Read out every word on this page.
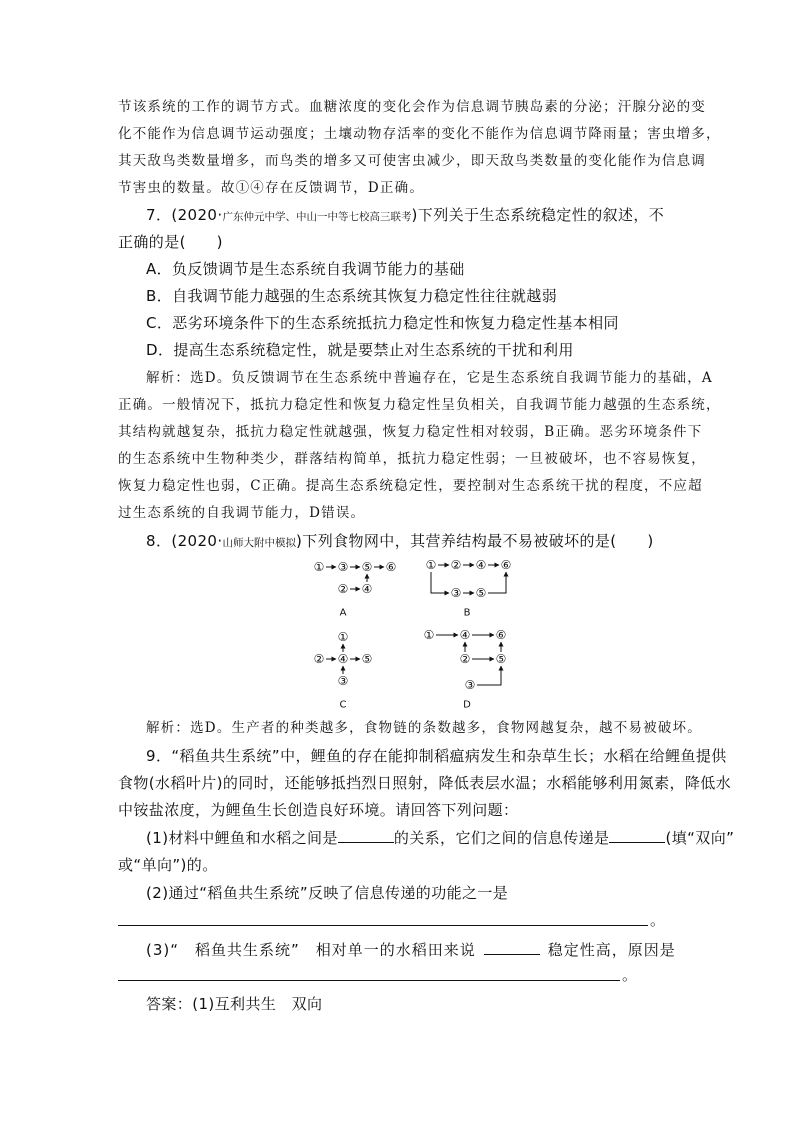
节该系统的工作的调节方式。血糖浓度的变化会作为信息调节胰岛素的分泌；汗腺分泌的变
化不能作为信息调节运动强度；土壤动物存活率的变化不能作为信息调节降雨量；害虫增多，
其天敌鸟类数量增多，而鸟类的增多又可使害虫减少，即天敌鸟类数量的变化能作为信息调
节害虫的数量。故①④存在反馈调节，D正确。
7．(2020·广东仲元中学、中山一中等七校高三联考)下列关于生态系统稳定性的叙述，不
正确的是(　　)
A．负反馈调节是生态系统自我调节能力的基础
B．自我调节能力越强的生态系统其恢复力稳定性往往就越弱
C．恶劣环境条件下的生态系统抵抗力稳定性和恢复力稳定性基本相同
D．提高生态系统稳定性，就是要禁止对生态系统的干扰和利用
解析：选D。负反馈调节在生态系统中普遍存在，它是生态系统自我调节能力的基础，A
正确。一般情况下，抵抗力稳定性和恢复力稳定性呈负相关，自我调节能力越强的生态系统，
其结构就越复杂，抵抗力稳定性就越强，恢复力稳定性相对较弱，B正确。恶劣环境条件下
的生态系统中生物种类少，群落结构简单，抵抗力稳定性弱；一旦被破坏，也不容易恢复，
恢复力稳定性也弱，C正确。提高生态系统稳定性，要控制对生态系统干扰的程度，不应超
过生态系统的自我调节能力，D错误。
8．(2020·山师大附中模拟)下列食物网中，其营养结构最不易被破坏的是(　　)
① ③ ⑤ ⑥
② ④
A
① ② ④ ⑥
③ ⑤
B
①
② ④ ⑤
③
C
① ④ ⑥
② ⑤
③
D
解析：选D。生产者的种类越多，食物链的条数越多，食物网越复杂，越不易被破坏。
9．“稻鱼共生系统”中，鲤鱼的存在能抑制稻瘟病发生和杂草生长；水稻在给鲤鱼提供
食物(水稻叶片)的同时，还能够抵挡烈日照射，降低表层水温；水稻能够利用氮素，降低水
中铵盐浓度，为鲤鱼生长创造良好环境。请回答下列问题：
(1)材料中鲤鱼和水稻之间是	的关系，它们之间的信息传递是	(填“双向”
或“单向”)的。
(2)通过“稻鱼共生系统”反映了信息传递的功能之一是
。
(3)“　稻鱼共生系统”　相对单一的水稻田来说	稳定性高，原因是
。
答案：(1)互利共生　双向
